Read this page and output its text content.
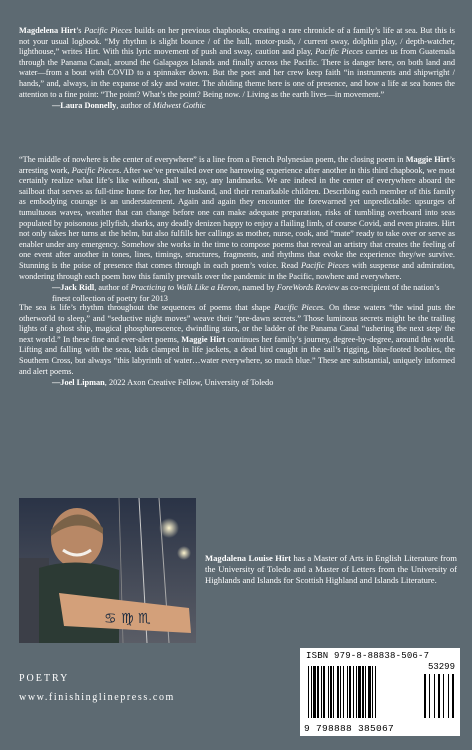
Magdelena Hirt’s Pacific Pieces builds on her previous chapbooks, creating a rare chronicle of a family’s life at sea. But this is not your usual logbook. “My rhythm is slight bounce / of the hull, motor-push, / current sway, dolphin play, / depth-watcher, lighthouse,” writes Hirt. With this lyric movement of push and sway, caution and play, Pacific Pieces carries us from Guatemala through the Panama Canal, around the Galapagos Islands and finally across the Pacific. There is danger here, on both land and water—from a bout with COVID to a spinnaker down. But the poet and her crew keep faith “in instruments and shipwright / hands,” and, always, in the expanse of sky and water. The abiding theme here is one of presence, and how a life at sea hones the attention to a fine point: “The point? What’s the point? Being now. / Living as the earth lives—in movement.”

—Laura Donnelly, author of Midwest Gothic

“The middle of nowhere is the center of everywhere” is a line from a French Polynesian poem, the closing poem in Maggie Hirt’s arresting work, Pacific Pieces. After we’ve prevailed over one harrowing experience after another in this third chapbook, we most certainly realize what life’s like without, shall we say, any landmarks. We are indeed in the center of everywhere aboard the sailboat that serves as full-time home for her, her husband, and their remarkable children. Describing each member of this family as embodying courage is an understatement. Again and again they encounter the forewarned yet unpredictable: upsurges of tumultuous waves, weather that can change before one can make adequate preparation, risks of tumbling overboard into seas populated by poisonous jellyfish, sharks, any deadly denizen happy to enjoy a flailing limb, of course Covid, and even pirates. Hirt not only takes her turns at the helm, but also fulfills her callings as mother, nurse, cook, and “mate” ready to take over or serve as enabler under any emergency. Somehow she works in the time to compose poems that reveal an artistry that creates the feeling of one event after another in tones, lines, timings, structures, fragments, and rhythms that evoke the experience they/we survive. Stunning is the poise of presence that comes through in each poem’s voice. Read Pacific Pieces with suspense and admiration, wondering through each poem how this family prevails over the pandemic in the Pacific, nowhere and everywhere.

—Jack Ridl, author of Practicing to Walk Like a Heron, named by ForeWords Review as co-recipient of the nation’s finest collection of poetry for 2013

The sea is life’s rhythm throughout the sequences of poems that shape Pacific Pieces. On these waters “the wind puts the otherworld to sleep,” and “seductive night moves” weave their “pre-dawn secrets.” Those luminous secrets might be the trailing lights of a ghost ship, magical phosphorescence, dwindling stars, or the ladder of the Panama Canal “ushering the next step/ the next world.” In these fine and ever-alert poems, Maggie Hirt continues her family’s journey, degree-by-degree, around the world. Lifting and falling with the seas, kids clamped in life jackets, a dead bird caught in the sail’s rigging, blue-footed boobies, the Southern Cross, but always “this labyrinth of water…water everywhere, so much blue.” These are substantial, uniquely informed and alert poems.

—Joel Lipman, 2022 Axon Creative Fellow, University of Toledo

♋ ♍ ♏
Magdalena Louise Hirt has a Master of Arts in English Literature from the University of Toledo and a Master of Letters from the University of Highlands and Islands for Scottish Highland and Islands Literature.
POETRY
www.finishinglinepress.com
ISBN 979-8-88838-506-7
53299
9 798888 385067
